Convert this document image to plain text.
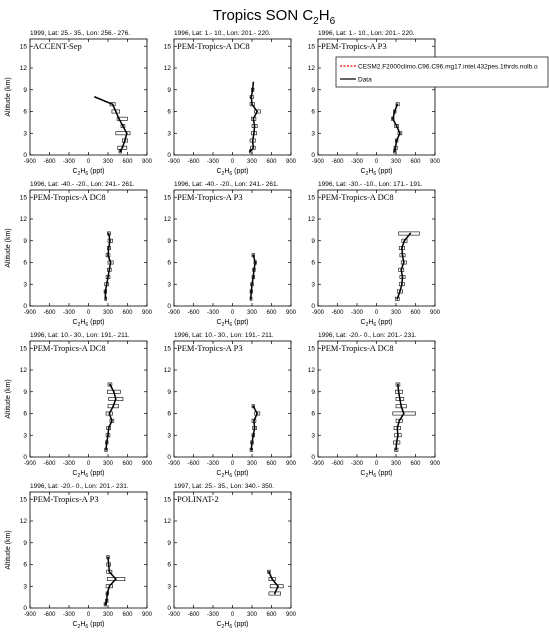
Tropics SON $C_2H_6$
1999, Lat: 25.- 35., Lon: 256.- 276.
ACCENT-Sep
0
3
6
9
12
15
-900 -600 -300 0 300 600 900
$C_2H_6$ (ppt)
Altitude (km)
1996, Lat: 1.- 10., Lon: 201.- 220.
PEM-Tropics-A DC8
0
3
6
9
12
15
-900 -600 -300 0 300 600 900
$C_2H_6$ (ppt)
1996, Lat: 1.- 10., Lon: 201.- 220.
PEM-Tropics-A P3
0
3
6
9
12
15
-900 -600 -300 0 300 600 900
$C_2H_6$ (ppt)
1996, Lat: -40.- -20., Lon: 241.- 261.
PEM-Tropics-A DC8
0
3
6
9
12
15
-900 -600 -300 0 300 600 900
$C_2H_6$ (ppt)
Altitude (km)
1996, Lat: -40.- -20., Lon: 241.- 261.
PEM-Tropics-A P3
0
3
6
9
12
15
-900 -600 -300 0 300 600 900
$C_2H_6$ (ppt)
1996, Lat: -30.- -10., Lon: 171.- 191.
PEM-Tropics-A DC8
0
3
6
9
12
15
-900 -600 -300 0 300 600 900
$C_2H_6$ (ppt)
1996, Lat: 10.- 30., Lon: 191.- 211.
PEM-Tropics-A DC8
0
3
6
9
12
15
-900 -600 -300 0 300 600 900
$C_2H_6$ (ppt)
Altitude (km)
1996, Lat: 10.- 30., Lon: 191.- 211.
PEM-Tropics-A P3
0
3
6
9
12
15
-900 -600 -300 0 300 600 900
$C_2H_6$ (ppt)
1996, Lat: -20.- 0., Lon: 201.- 231.
PEM-Tropics-A DC8
0
3
6
9
12
15
-900 -600 -300 0 300 600 900
$C_2H_6$ (ppt)
1996, Lat: -20.- 0., Lon: 201.- 231.
PEM-Tropics-A P3
0
3
6
9
12
15
-900 -600 -300 0 300 600 900
$C_2H_6$ (ppt)
Altitude (km)
1997, Lat: 25.- 35., Lon: 340.- 350.
POLINAT-2
0
3
6
9
12
15
-900 -600 -300 0 300 600 900
$C_2H_6$ (ppt)
CESM2.F2000climo.C96.C96.mg17.intel.432pes.1thrds.nolb.o
Data
